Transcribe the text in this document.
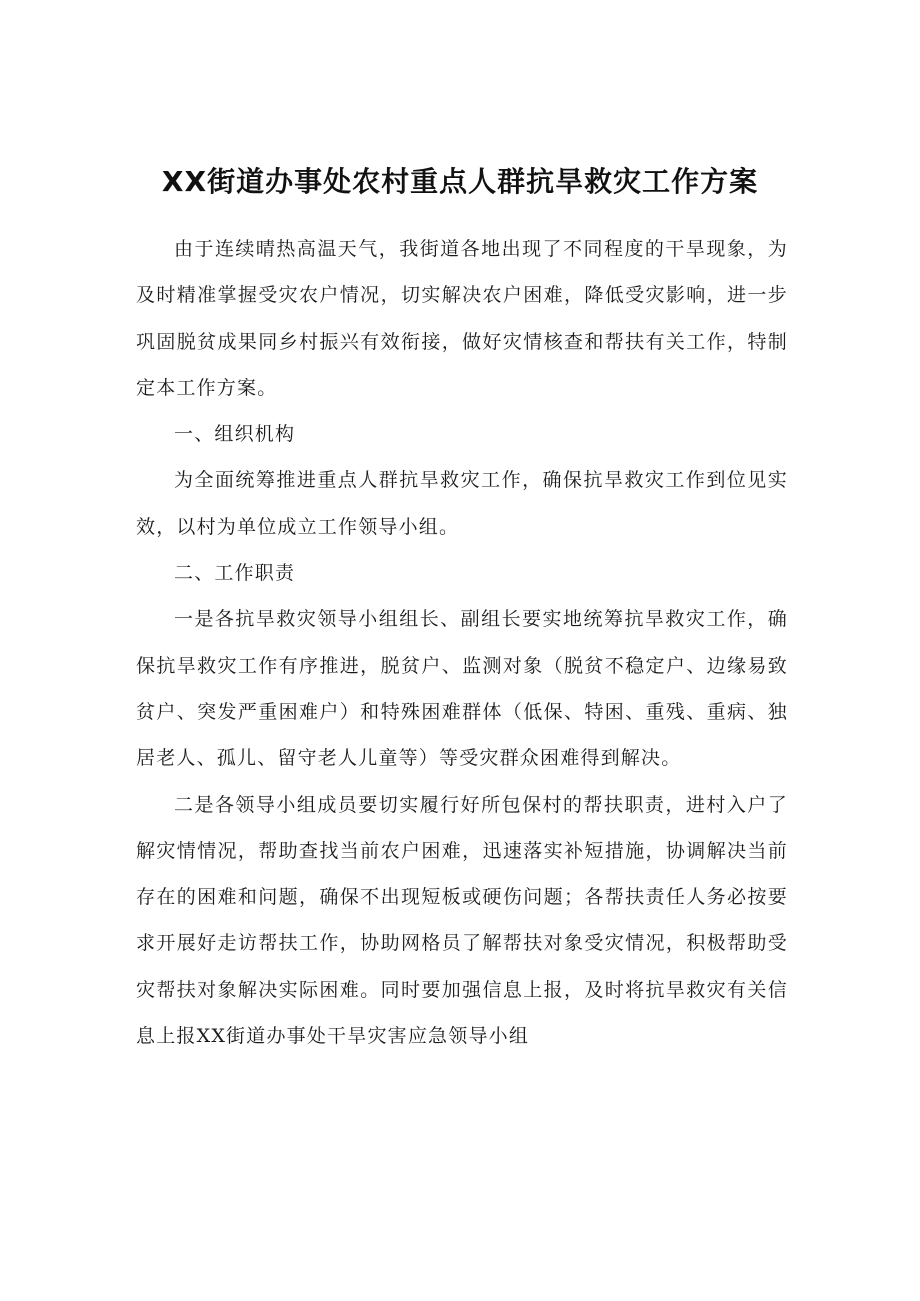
XX街道办事处农村重点人群抗旱救灾工作方案

由于连续晴热高温天气，我街道各地出现了不同程度的干旱现象，为及时精准掌握受灾农户情况，切实解决农户困难，降低受灾影响，进一步巩固脱贫成果同乡村振兴有效衔接，做好灾情核查和帮扶有关工作，特制定本工作方案。

一、组织机构

为全面统筹推进重点人群抗旱救灾工作，确保抗旱救灾工作到位见实效，以村为单位成立工作领导小组。

二、工作职责

一是各抗旱救灾领导小组组长、副组长要实地统筹抗旱救灾工作，确保抗旱救灾工作有序推进，脱贫户、监测对象（脱贫不稳定户、边缘易致贫户、突发严重困难户）和特殊困难群体（低保、特困、重残、重病、独居老人、孤儿、留守老人儿童等）等受灾群众困难得到解决。

二是各领导小组成员要切实履行好所包保村的帮扶职责，进村入户了解灾情情况，帮助查找当前农户困难，迅速落实补短措施，协调解决当前存在的困难和问题，确保不出现短板或硬伤问题；各帮扶责任人务必按要求开展好走访帮扶工作，协助网格员了解帮扶对象受灾情况，积极帮助受灾帮扶对象解决实际困难。同时要加强信息上报，及时将抗旱救灾有关信息上报XX街道办事处干旱灾害应急领导小组
